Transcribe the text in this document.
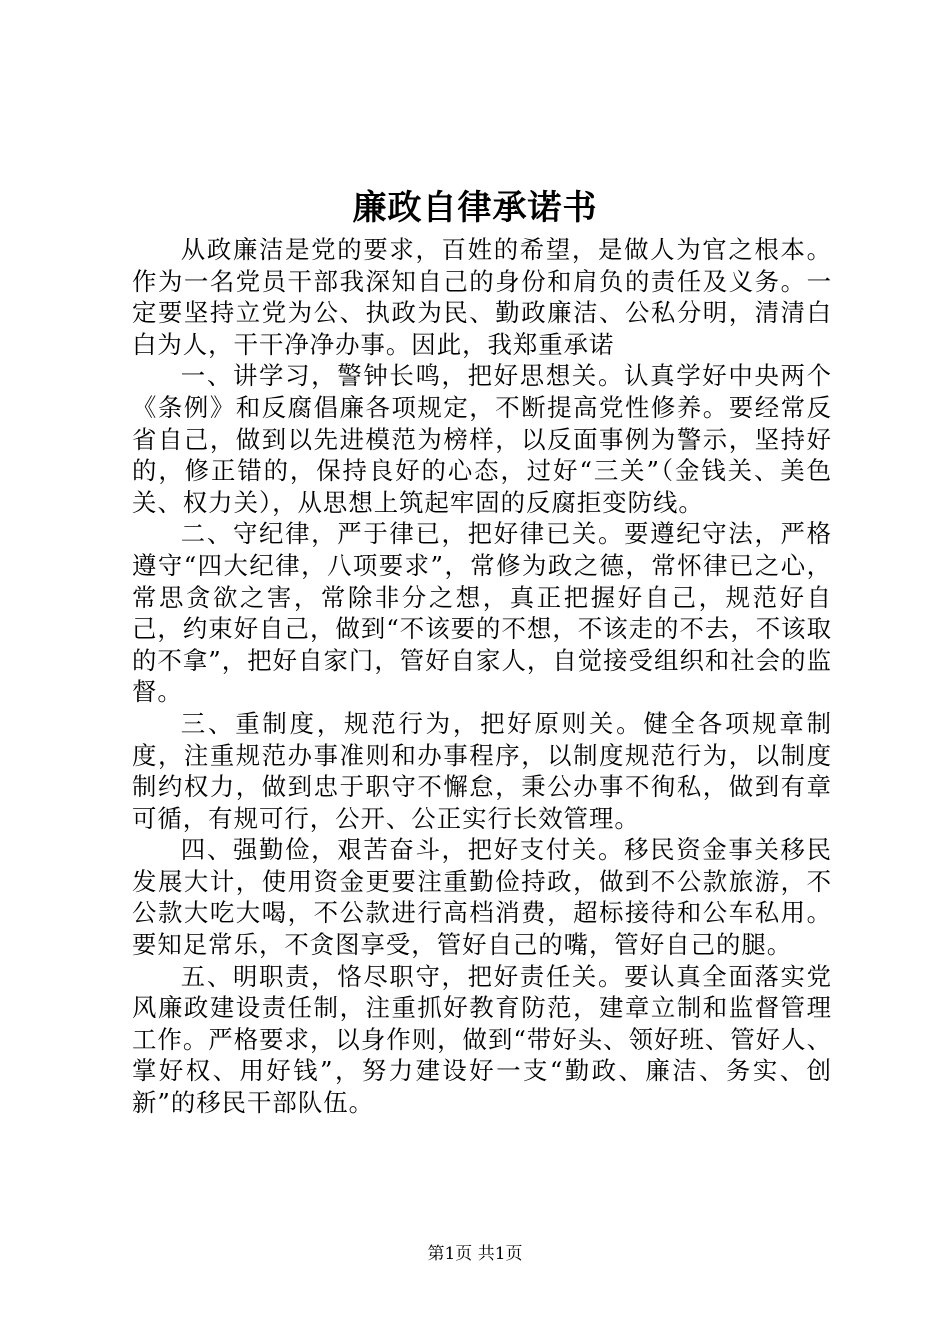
廉政自律承诺书

从政廉洁是党的要求，百姓的希望，是做人为官之根本。作为一名党员干部我深知自己的身份和肩负的责任及义务。一定要坚持立党为公、执政为民、勤政廉洁、公私分明，清清白白为人，干干净净办事。因此，我郑重承诺

一、讲学习，警钟长鸣，把好思想关。认真学好中央两个《条例》和反腐倡廉各项规定，不断提高党性修养。要经常反省自己，做到以先进模范为榜样，以反面事例为警示，坚持好的，修正错的，保持良好的心态，过好“三关”（金钱关、美色关、权力关），从思想上筑起牢固的反腐拒变防线。

二、守纪律，严于律已，把好律已关。要遵纪守法，严格遵守“四大纪律，八项要求”，常修为政之德，常怀律已之心，常思贪欲之害，常除非分之想，真正把握好自己，规范好自己，约束好自己，做到“不该要的不想，不该走的不去，不该取的不拿”，把好自家门，管好自家人，自觉接受组织和社会的监督。

三、重制度，规范行为，把好原则关。健全各项规章制度，注重规范办事准则和办事程序，以制度规范行为，以制度制约权力，做到忠于职守不懈怠，秉公办事不徇私，做到有章可循，有规可行，公开、公正实行长效管理。

四、强勤俭，艰苦奋斗，把好支付关。移民资金事关移民发展大计，使用资金更要注重勤俭持政，做到不公款旅游，不公款大吃大喝，不公款进行高档消费，超标接待和公车私用。要知足常乐，不贪图享受，管好自己的嘴，管好自己的腿。

五、明职责，恪尽职守，把好责任关。要认真全面落实党风廉政建设责任制，注重抓好教育防范，建章立制和监督管理工作。严格要求，以身作则，做到“带好头、领好班、管好人、掌好权、用好钱”，努力建设好一支“勤政、廉洁、务实、创新”的移民干部队伍。

第1页 共1页
